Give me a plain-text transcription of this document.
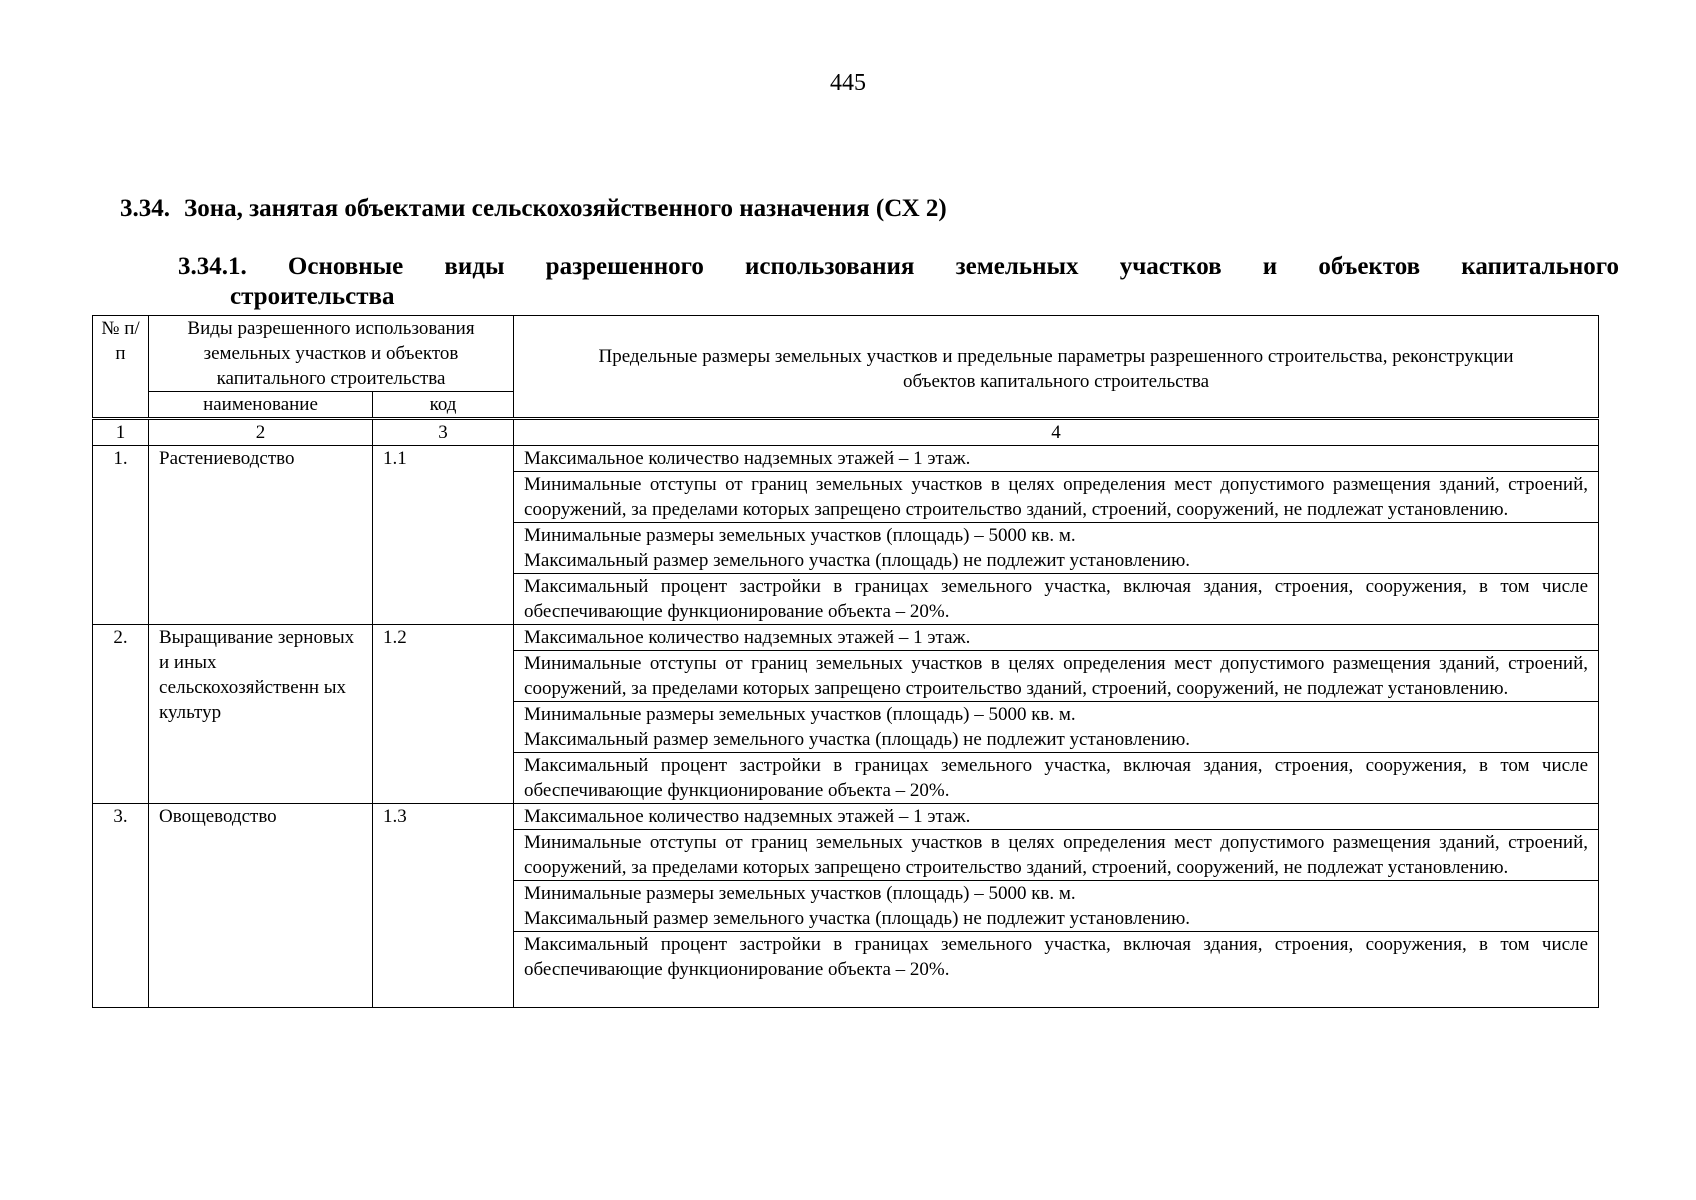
445
3.34. Зона, занятая объектами сельскохозяйственного назначения (СХ 2)
3.34.1. Основные виды разрешенного использования земельных участков и объектов капитального
строительства
№ п/п	Виды разрешенного использования земельных участков и объектов капитального строительства		Предельные размеры земельных участков и предельные параметры разрешенного строительства, реконструкции объектов капитального строительства
	наименование	код	
1	2	3	4
1.	Растениеводство	1.1	Максимальное количество надземных этажей – 1 этаж.
			Минимальные отступы от границ земельных участков в целях определения мест допустимого размещения зданий, строений, сооружений, за пределами которых запрещено строительство зданий, строений, сооружений, не подлежат установлению.

			Минимальные размеры земельных участков (площадь) – 5000 кв. м.
Максимальный размер земельного участка (площадь) не подлежит установлению.

			Максимальный процент застройки в границах земельного участка, включая здания, строения, сооружения, в том числе обеспечивающие функционирование объекта – 20%.
2.	Выращивание зерновых и иных сельскохозяйственн ых культур	1.2	Максимальное количество надземных этажей – 1 этаж.
			Минимальные отступы от границ земельных участков в целях определения мест допустимого размещения зданий, строений, сооружений, за пределами которых запрещено строительство зданий, строений, сооружений, не подлежат установлению.

			Минимальные размеры земельных участков (площадь) – 5000 кв. м.
Максимальный размер земельного участка (площадь) не подлежит установлению.

			Максимальный процент застройки в границах земельного участка, включая здания, строения, сооружения, в том числе обеспечивающие функционирование объекта – 20%.
3.	Овощеводство	1.3	Максимальное количество надземных этажей – 1 этаж.
			Минимальные отступы от границ земельных участков в целях определения мест допустимого размещения зданий, строений, сооружений, за пределами которых запрещено строительство зданий, строений, сооружений, не подлежат установлению.

			Минимальные размеры земельных участков (площадь) – 5000 кв. м.
Максимальный размер земельного участка (площадь) не подлежит установлению.

			Максимальный процент застройки в границах земельного участка, включая здания, строения, сооружения, в том числе обеспечивающие функционирование объекта – 20%.
